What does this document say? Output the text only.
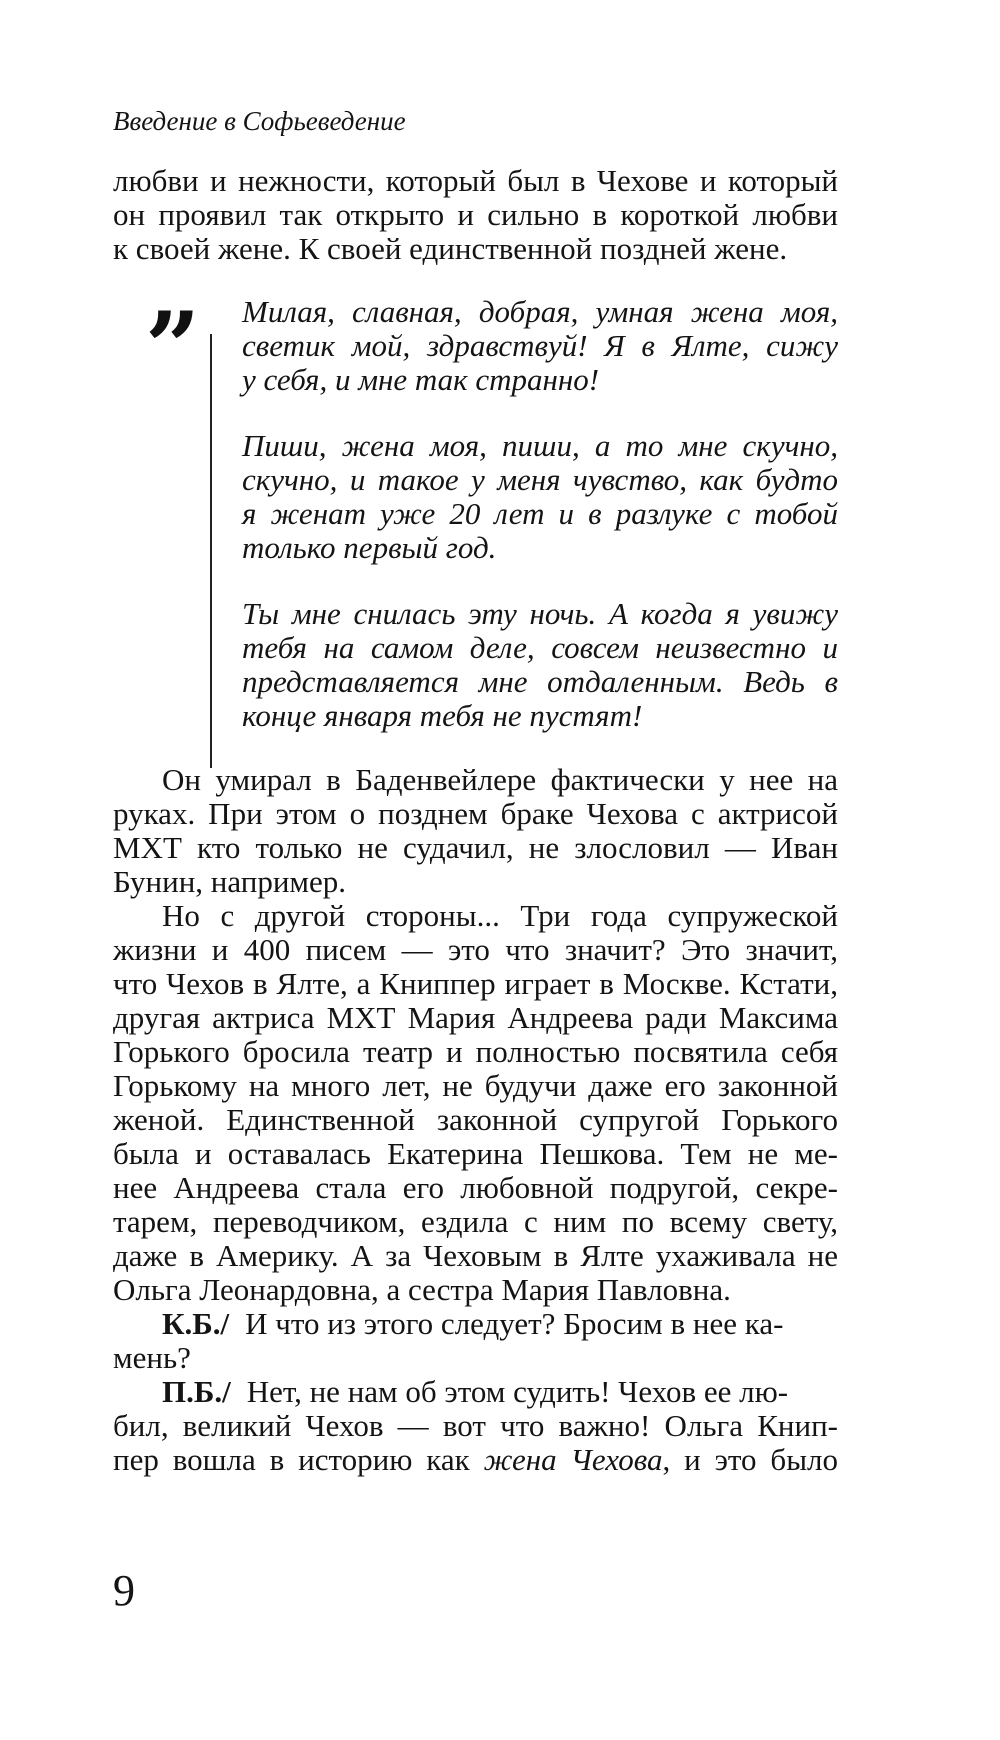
Введение в Софьеведение
любви и нежности, который был в Чехове и который
он проявил так открыто и сильно в короткой любви
к своей жене. К своей единственной поздней жене.
” Милая, славная, добрая, умная жена моя,
светик мой, здравствуй! Я в Ялте, сижу
у себя, и мне так странно!
Пиши, жена моя, пиши, а то мне скучно,
скучно, и такое у меня чувство, как будто
я женат уже 20 лет и в разлуке с тобой
только первый год.
Ты мне снилась эту ночь. А когда я увижу
тебя на самом деле, совсем неизвестно и
представляется мне отдаленным. Ведь в
конце января тебя не пустят!
Он умирал в Баденвейлере фактически у нее на
руках. При этом о позднем браке Чехова с актрисой
МХТ кто только не судачил, не злословил — Иван
Бунин, например.
Но с другой стороны... Три года супружеской
жизни и 400 писем — это что значит? Это значит,
что Чехов в Ялте, а Книппер играет в Москве. Кстати,
другая актриса МХТ Мария Андреева ради Максима
Горького бросила театр и полностью посвятила себя
Горькому на много лет, не будучи даже его законной
женой. Единственной законной супругой Горького
была и оставалась Екатерина Пешкова. Тем не ме-
нее Андреева стала его любовной подругой, секре-
тарем, переводчиком, ездила с ним по всему свету,
даже в Америку. А за Чеховым в Ялте ухаживала не
Ольга Леонардовна, а сестра Мария Павловна.
К.Б./ И что из этого следует? Бросим в нее ка-
мень?
П.Б./ Нет, не нам об этом судить! Чехов ее лю-
бил, великий Чехов — вот что важно! Ольга Книп-
пер вошла в историю как жена Чехова, и это было
9
